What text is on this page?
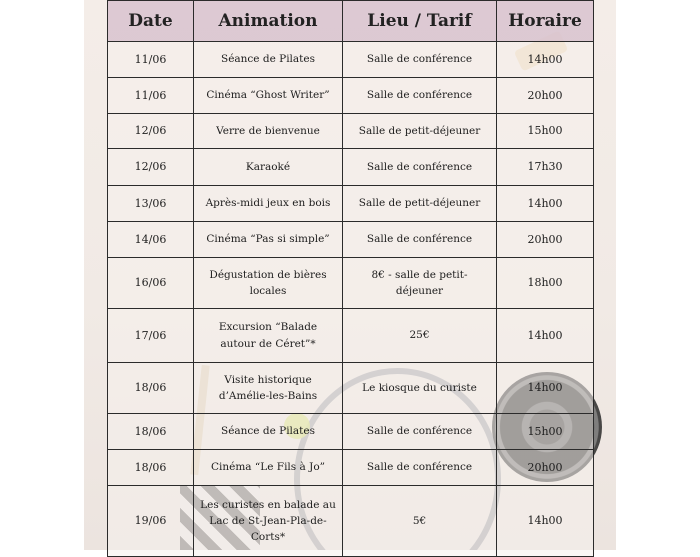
Date	Animation	Lieu / Tarif	Horaire
11/06	Séance de Pilates	Salle de conférence	14h00
11/06	Cinéma “Ghost Writer”	Salle de conférence	20h00
12/06	Verre de bienvenue	Salle de petit-déjeuner	15h00
12/06	Karaoké	Salle de conférence	17h30
13/06	Après-midi jeux en bois	Salle de petit-déjeuner	14h00
14/06	Cinéma “Pas si simple”	Salle de conférence	20h00
16/06	Dégustation de bières locales	8€ - salle de petit-déjeuner	18h00
17/06	Excursion “Balade autour de Céret”*	25€	14h00
18/06	Visite historique d’Amélie-les-Bains	Le kiosque du curiste	14h00
18/06	Séance de Pilates	Salle de conférence	15h00
18/06	Cinéma “Le Fils à Jo”	Salle de conférence	20h00
19/06	Les curistes en balade au Lac de St-Jean-Pla-de-Corts*	5€	14h00
